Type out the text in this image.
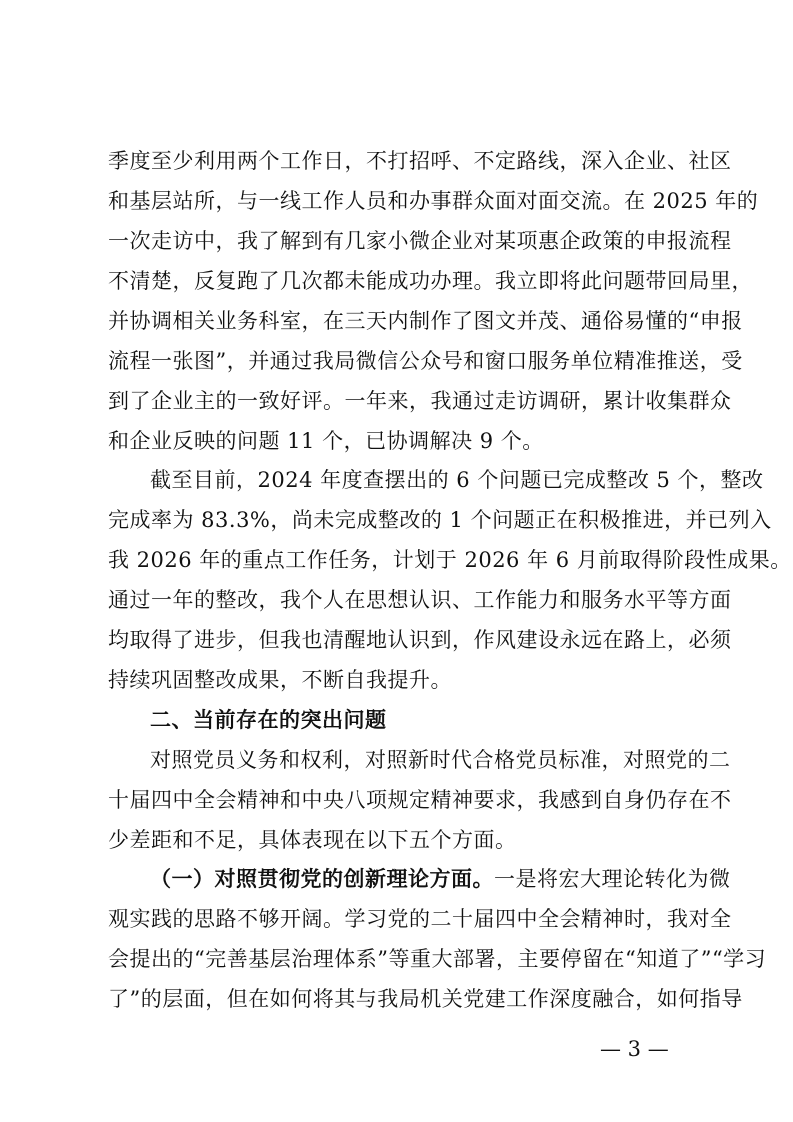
季度至少利用两个工作日，不打招呼、不定路线，深入企业、社区
和基层站所，与一线工作人员和办事群众面对面交流。在 2025 年的
一次走访中，我了解到有几家小微企业对某项惠企政策的申报流程
不清楚，反复跑了几次都未能成功办理。我立即将此问题带回局里，
并协调相关业务科室，在三天内制作了图文并茂、通俗易懂的“申报
流程一张图”，并通过我局微信公众号和窗口服务单位精准推送，受
到了企业主的一致好评。一年来，我通过走访调研，累计收集群众
和企业反映的问题 11 个，已协调解决 9 个。
截至目前，2024 年度查摆出的 6 个问题已完成整改 5 个，整改
完成率为 83.3%，尚未完成整改的 1 个问题正在积极推进，并已列入
我 2026 年的重点工作任务，计划于 2026 年 6 月前取得阶段性成果。
通过一年的整改，我个人在思想认识、工作能力和服务水平等方面
均取得了进步，但我也清醒地认识到，作风建设永远在路上，必须
持续巩固整改成果，不断自我提升。
二、当前存在的突出问题
对照党员义务和权利，对照新时代合格党员标准，对照党的二
十届四中全会精神和中央八项规定精神要求，我感到自身仍存在不
少差距和不足，具体表现在以下五个方面。
（一）对照贯彻党的创新理论方面。一是将宏大理论转化为微
观实践的思路不够开阔。学习党的二十届四中全会精神时，我对全
会提出的“完善基层治理体系”等重大部署，主要停留在“知道了”“学习
了”的层面，但在如何将其与我局机关党建工作深度融合，如何指导
— 3 —
